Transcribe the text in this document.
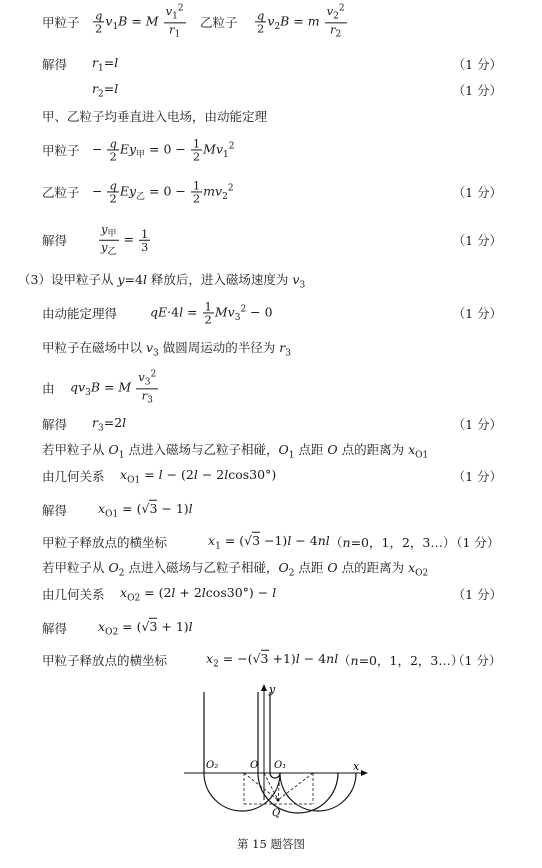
甲粒子 $\frac{q}{2} v_1B = M \frac{v_1^2}{r_1}$ 乙粒子 $\frac{q}{2} v_2B = m \frac{v_2^2}{r_2}$
解得 $r_1=l$	（1 分）
$r_2=l$	（1 分）
甲、乙粒子均垂直进入电场，由动能定理
甲粒子 − $\frac{q}{2} Ey_甲 = 0 - \frac{1}{2} Mv_1^2$
乙粒子 − $\frac{q}{2} Ey_乙 = 0 - \frac{1}{2} mv_2^2$	（1 分）
解得	$\frac{y_甲}{y_乙} = \frac{1}{3}$	（1 分）
（3）设甲粒子从 y=4l 释放后，进入磁场速度为 $v_3$
由动能定理得	$qE\cdot 4l = \frac{1}{2} Mv_3^2 - 0$	（1 分）
甲粒子在磁场中以 $v_3$ 做圆周运动的半径为 $r_3$
由 $qv_3B = M \frac{v_3^2}{r_3}$
解得 $r_3=2l$	（1 分）
若甲粒子从 $O_1$ 点进入磁场与乙粒子相碰，$O_1$ 点距 O 点的距离为 $x_{O1}$
由几何关系 $x_{O1} = l - (2l - 2lcos30^\circ)$	（1 分）
解得 $x_{O1} = (√3 - 1)l$
甲粒子释放点的横坐标	$x_1 = (√3 -1)l - 4nl$ （n=0，1，2，3…）
（1 分）
若甲粒子从 $O_2$ 点进入磁场与乙粒子相碰，$O_2$ 点距 O 点的距离为 $x_{O2}$
由几何关系 $x_{O2} = (2l + 2lcos30^\circ) - l$	（1 分）
解得 $x_{O2} = (√3 + 1)l$
甲粒子释放点的横坐标	$x_2 = -(√3 +1)l - 4nl$ （n=0，1，2，3…）
（1 分）
y
x
O₂	O O₁
Q
第 15 题答图
